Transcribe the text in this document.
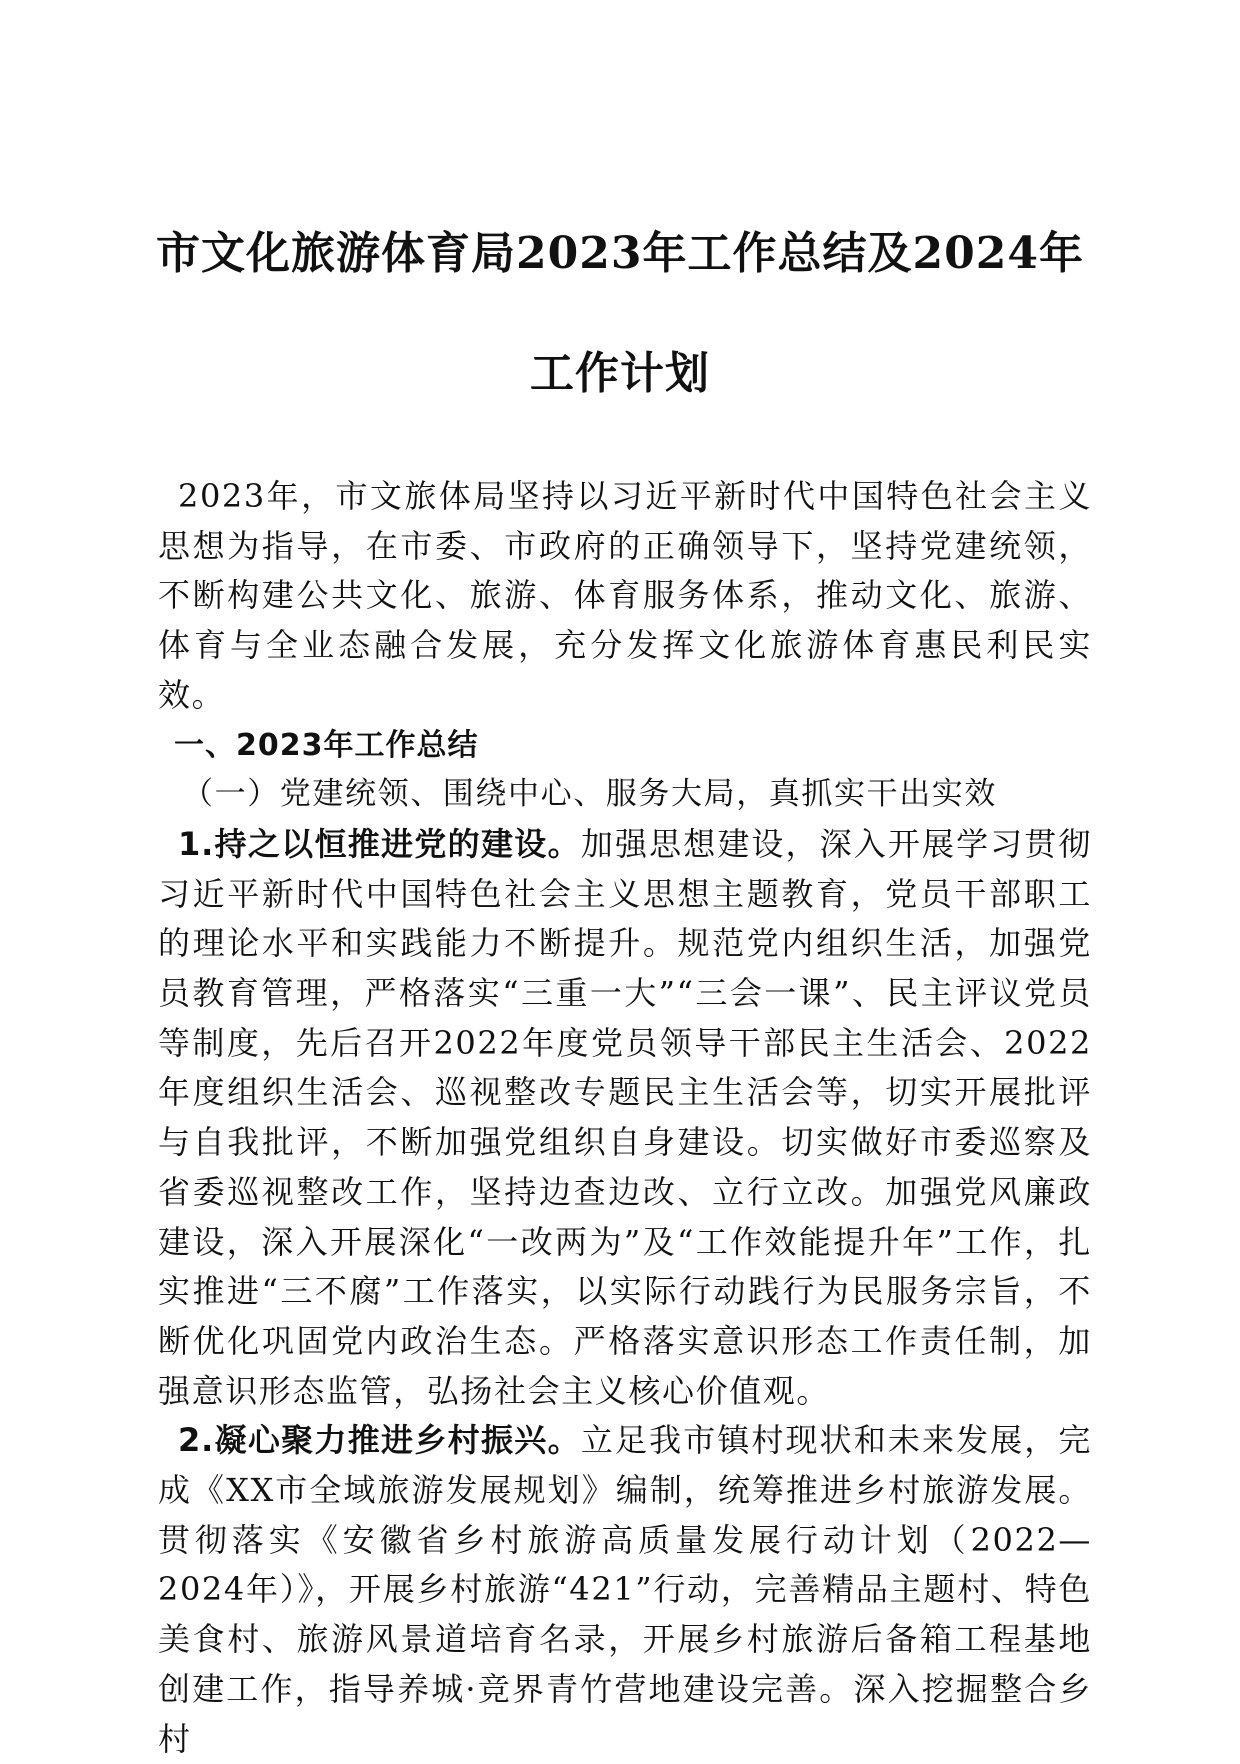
市文化旅游体育局2023年工作总结及2024年
工作计划

2023年，市文旅体局坚持以习近平新时代中国特色社会主义思想为指导，在市委、市政府的正确领导下，坚持党建统领，不断构建公共文化、旅游、体育服务体系，推动文化、旅游、体育与全业态融合发展，充分发挥文化旅游体育惠民利民实效。

一、2023年工作总结

（一）党建统领、围绕中心、服务大局，真抓实干出实效

1.持之以恒推进党的建设。加强思想建设，深入开展学习贯彻习近平新时代中国特色社会主义思想主题教育，党员干部职工的理论水平和实践能力不断提升。规范党内组织生活，加强党员教育管理，严格落实“三重一大”“三会一课”、民主评议党员等制度，先后召开2022年度党员领导干部民主生活会、2022年度组织生活会、巡视整改专题民主生活会等，切实开展批评与自我批评，不断加强党组织自身建设。切实做好市委巡察及省委巡视整改工作，坚持边查边改、立行立改。加强党风廉政建设，深入开展深化“一改两为”及“工作效能提升年”工作，扎实推进“三不腐”工作落实，以实际行动践行为民服务宗旨，不断优化巩固党内政治生态。严格落实意识形态工作责任制，加强意识形态监管，弘扬社会主义核心价值观。

2.凝心聚力推进乡村振兴。立足我市镇村现状和未来发展，完成《XX市全域旅游发展规划》编制，统筹推进乡村旅游发展。贯彻落实《安徽省乡村旅游高质量发展行动计划（2022—2024年）》，开展乡村旅游“421”行动，完善精品主题村、特色美食村、旅游风景道培育名录，开展乡村旅游后备箱工程基地创建工作，指导养城·竞界青竹营地建设完善。深入挖掘整合乡村
